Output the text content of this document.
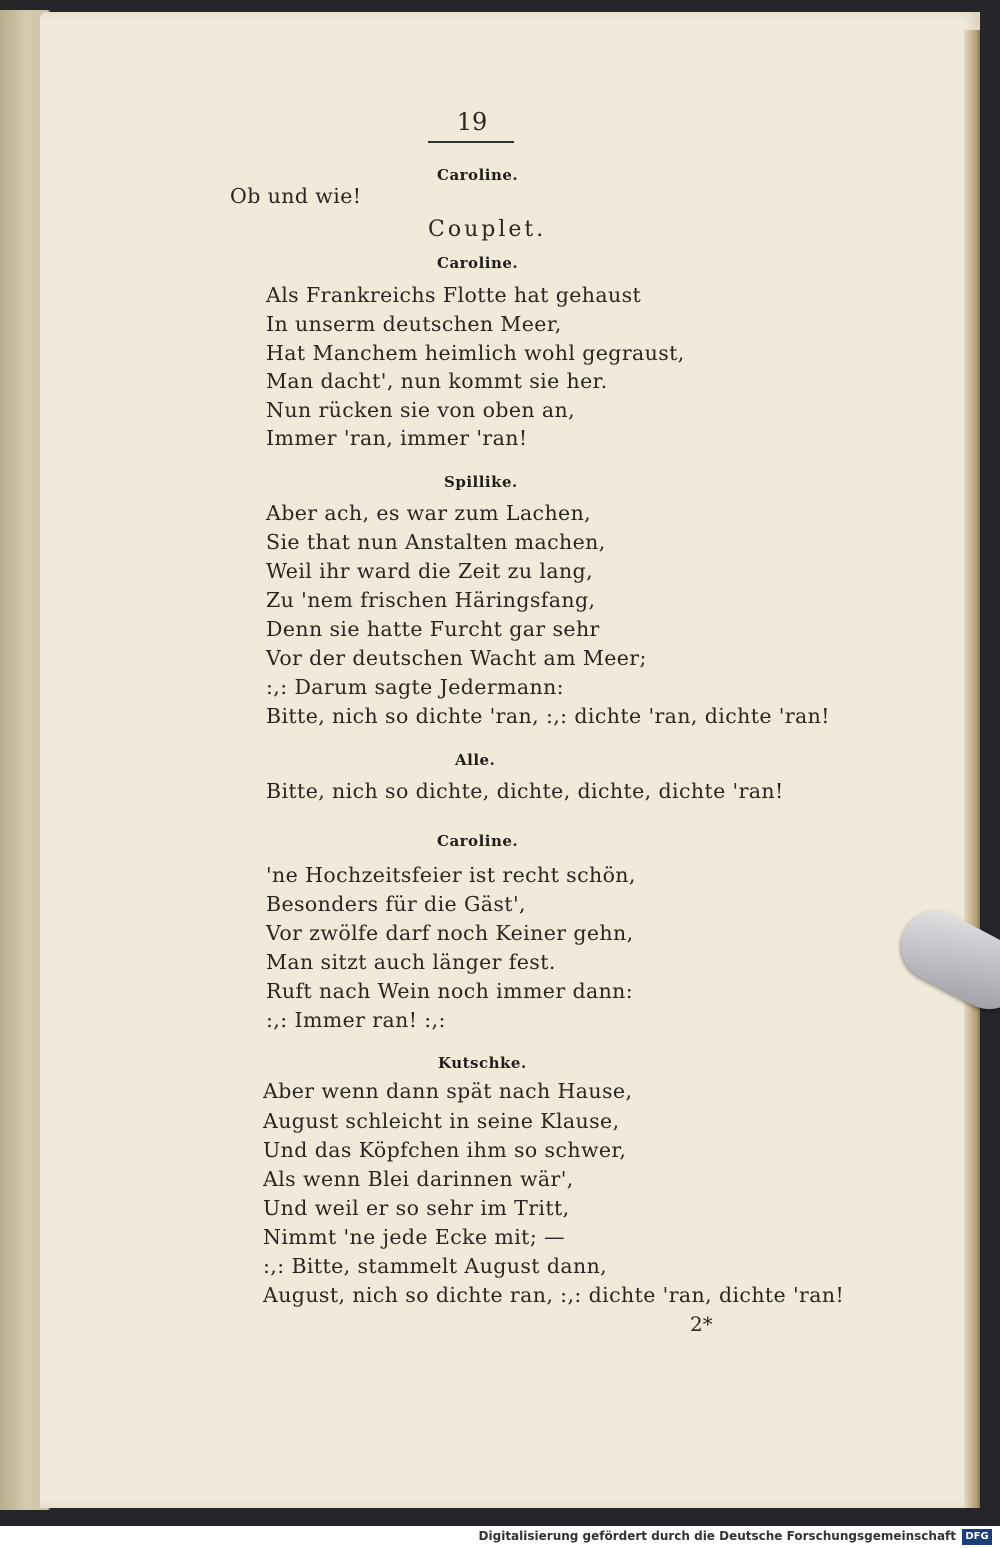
19
Caroline.
Ob und wie!
Couplet.
Caroline.
Als Frankreichs Flotte hat gehaust
In unserm deutschen Meer,
Hat Manchem heimlich wohl gegraust,
Man dacht', nun kommt sie her.
Nun rücken sie von oben an,
Immer 'ran, immer 'ran!
Spillike.
Aber ach, es war zum Lachen,
Sie that nun Anstalten machen,
Weil ihr ward die Zeit zu lang,
Zu 'nem frischen Häringsfang,
Denn sie hatte Furcht gar sehr
Vor der deutschen Wacht am Meer;
:,: Darum sagte Jedermann:
Bitte, nich so dichte 'ran, :,: dichte 'ran, dichte 'ran!
Alle.
Bitte, nich so dichte, dichte, dichte, dichte 'ran!
Caroline.
'ne Hochzeitsfeier ist recht schön,
Besonders für die Gäst',
Vor zwölfe darf noch Keiner gehn,
Man sitzt auch länger fest.
Ruft nach Wein noch immer dann:
:,: Immer ran! :,:
Kutschke.
Aber wenn dann spät nach Hause,
August schleicht in seine Klause,
Und das Köpfchen ihm so schwer,
Als wenn Blei darinnen wär',
Und weil er so sehr im Tritt,
Nimmt 'ne jede Ecke mit; —
:,: Bitte, stammelt August dann,
August, nich so dichte ran, :,: dichte 'ran, dichte 'ran!
2*
Digitalisierung gefördert durch die Deutsche Forschungsgemeinschaft DFG
